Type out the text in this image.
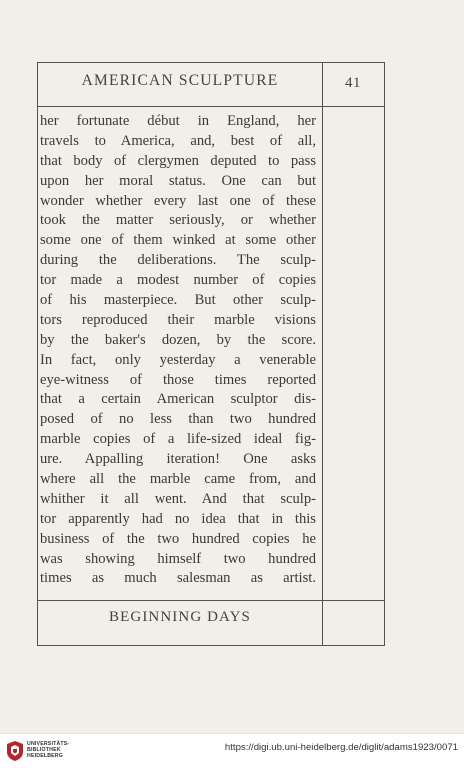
AMERICAN SCULPTURE	41
her fortunate début in England, her
travels to America, and, best of all,
that body of clergymen deputed to pass
upon her moral status. One can but
wonder whether every last one of these
took the matter seriously, or whether
some one of them winked at some other
during the deliberations. The sculp-
tor made a modest number of copies
of his masterpiece. But other sculp-
tors reproduced their marble visions
by the baker's dozen, by the score.
In fact, only yesterday a venerable
eye-witness of those times reported
that a certain American sculptor dis-
posed of no less than two hundred
marble copies of a life-sized ideal fig-
ure. Appalling iteration! One asks
where all the marble came from, and
whither it all went. And that sculp-
tor apparently had no idea that in this
business of the two hundred copies he
was showing himself two hundred
times as much salesman as artist.
BEGINNING DAYS
UNIVERSITÄTS-
BIBLIOTHEK
HEIDELBERG
https://digi.ub.uni-heidelberg.de/diglit/adams1923/0071
